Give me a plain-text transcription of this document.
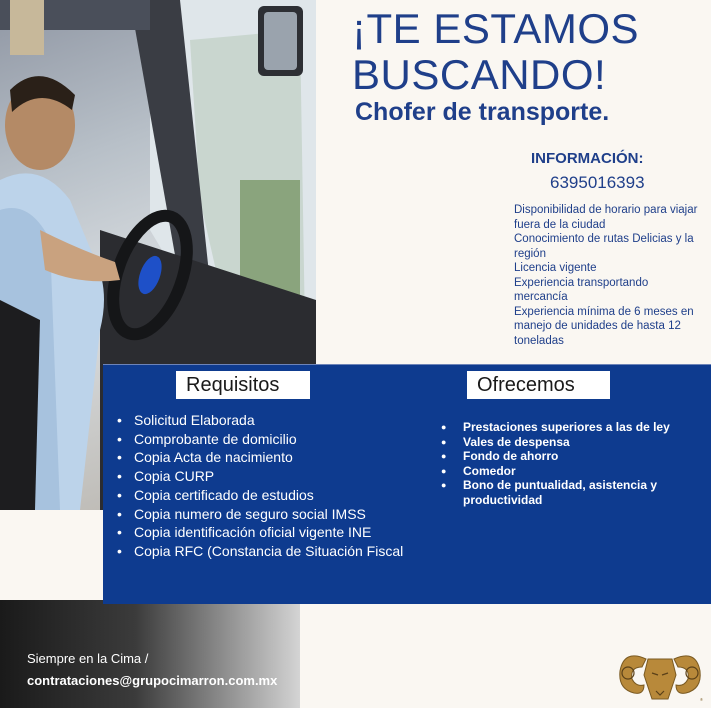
¡TE ESTAMOS
BUSCANDO!
Chofer de transporte.
INFORMACIÓN:
6395016393
Disponibilidad de horario para viajar fuera de la ciudad
Conocimiento de rutas Delicias y la región
Licencia vigente
Experiencia transportando mercancía
Experiencia mínima de 6 meses en manejo de unidades de hasta 12 toneladas
Requisitos	Ofrecemos
• Solicitud Elaborada
• Comprobante de domicilio
• Copia Acta de nacimiento
• Copia CURP
• Copia certificado de estudios
• Copia numero de seguro social IMSS
• Copia identificación oficial vigente INE
• Copia RFC (Constancia de Situación Fiscal
● Prestaciones superiores a las de ley
● Vales de despensa
● Fondo de ahorro
● Comedor
● Bono de puntualidad, asistencia y productividad
Siempre en la Cima /
contrataciones@grupocimarron.com.mx
®
